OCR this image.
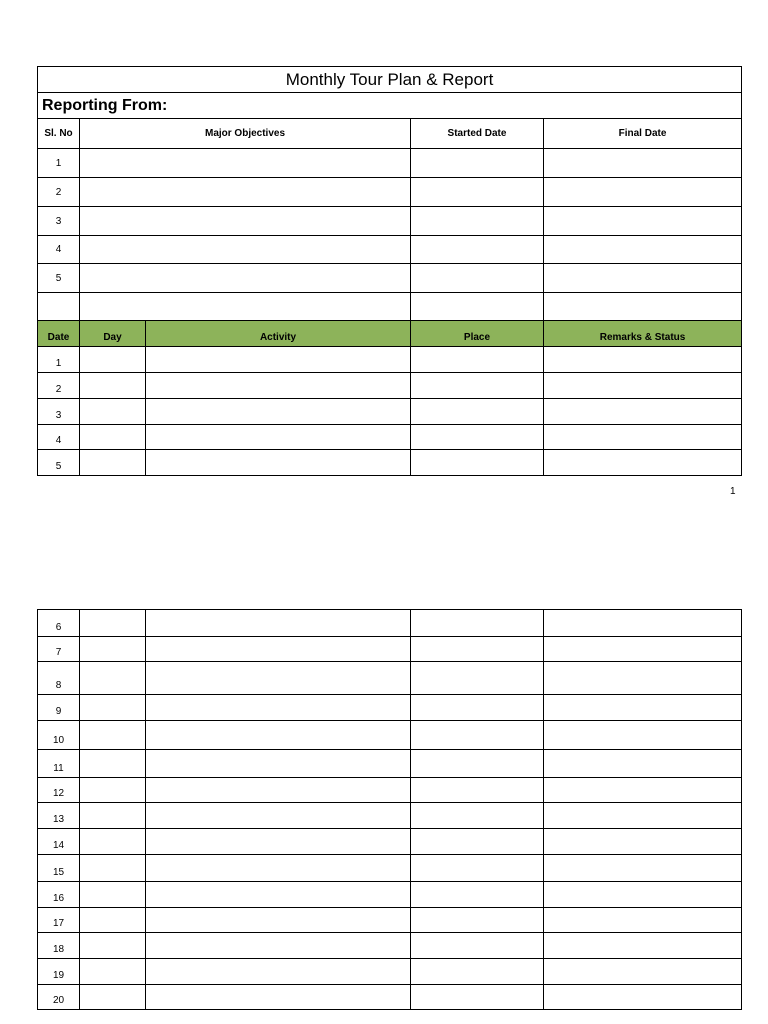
Monthly Tour Plan & Report				
Reporting From:				
Sl. No	Major Objectives		Started Date	Final Date
1				
2				
3				
4				
5				

Date	Day	Activity	Place	Remarks & Status
1				
2				
3				
4				
5				
1
6				
7				
8				
9				
10				
11				
12				
13				
14				
15				
16				
17				
18				
19				
20				
